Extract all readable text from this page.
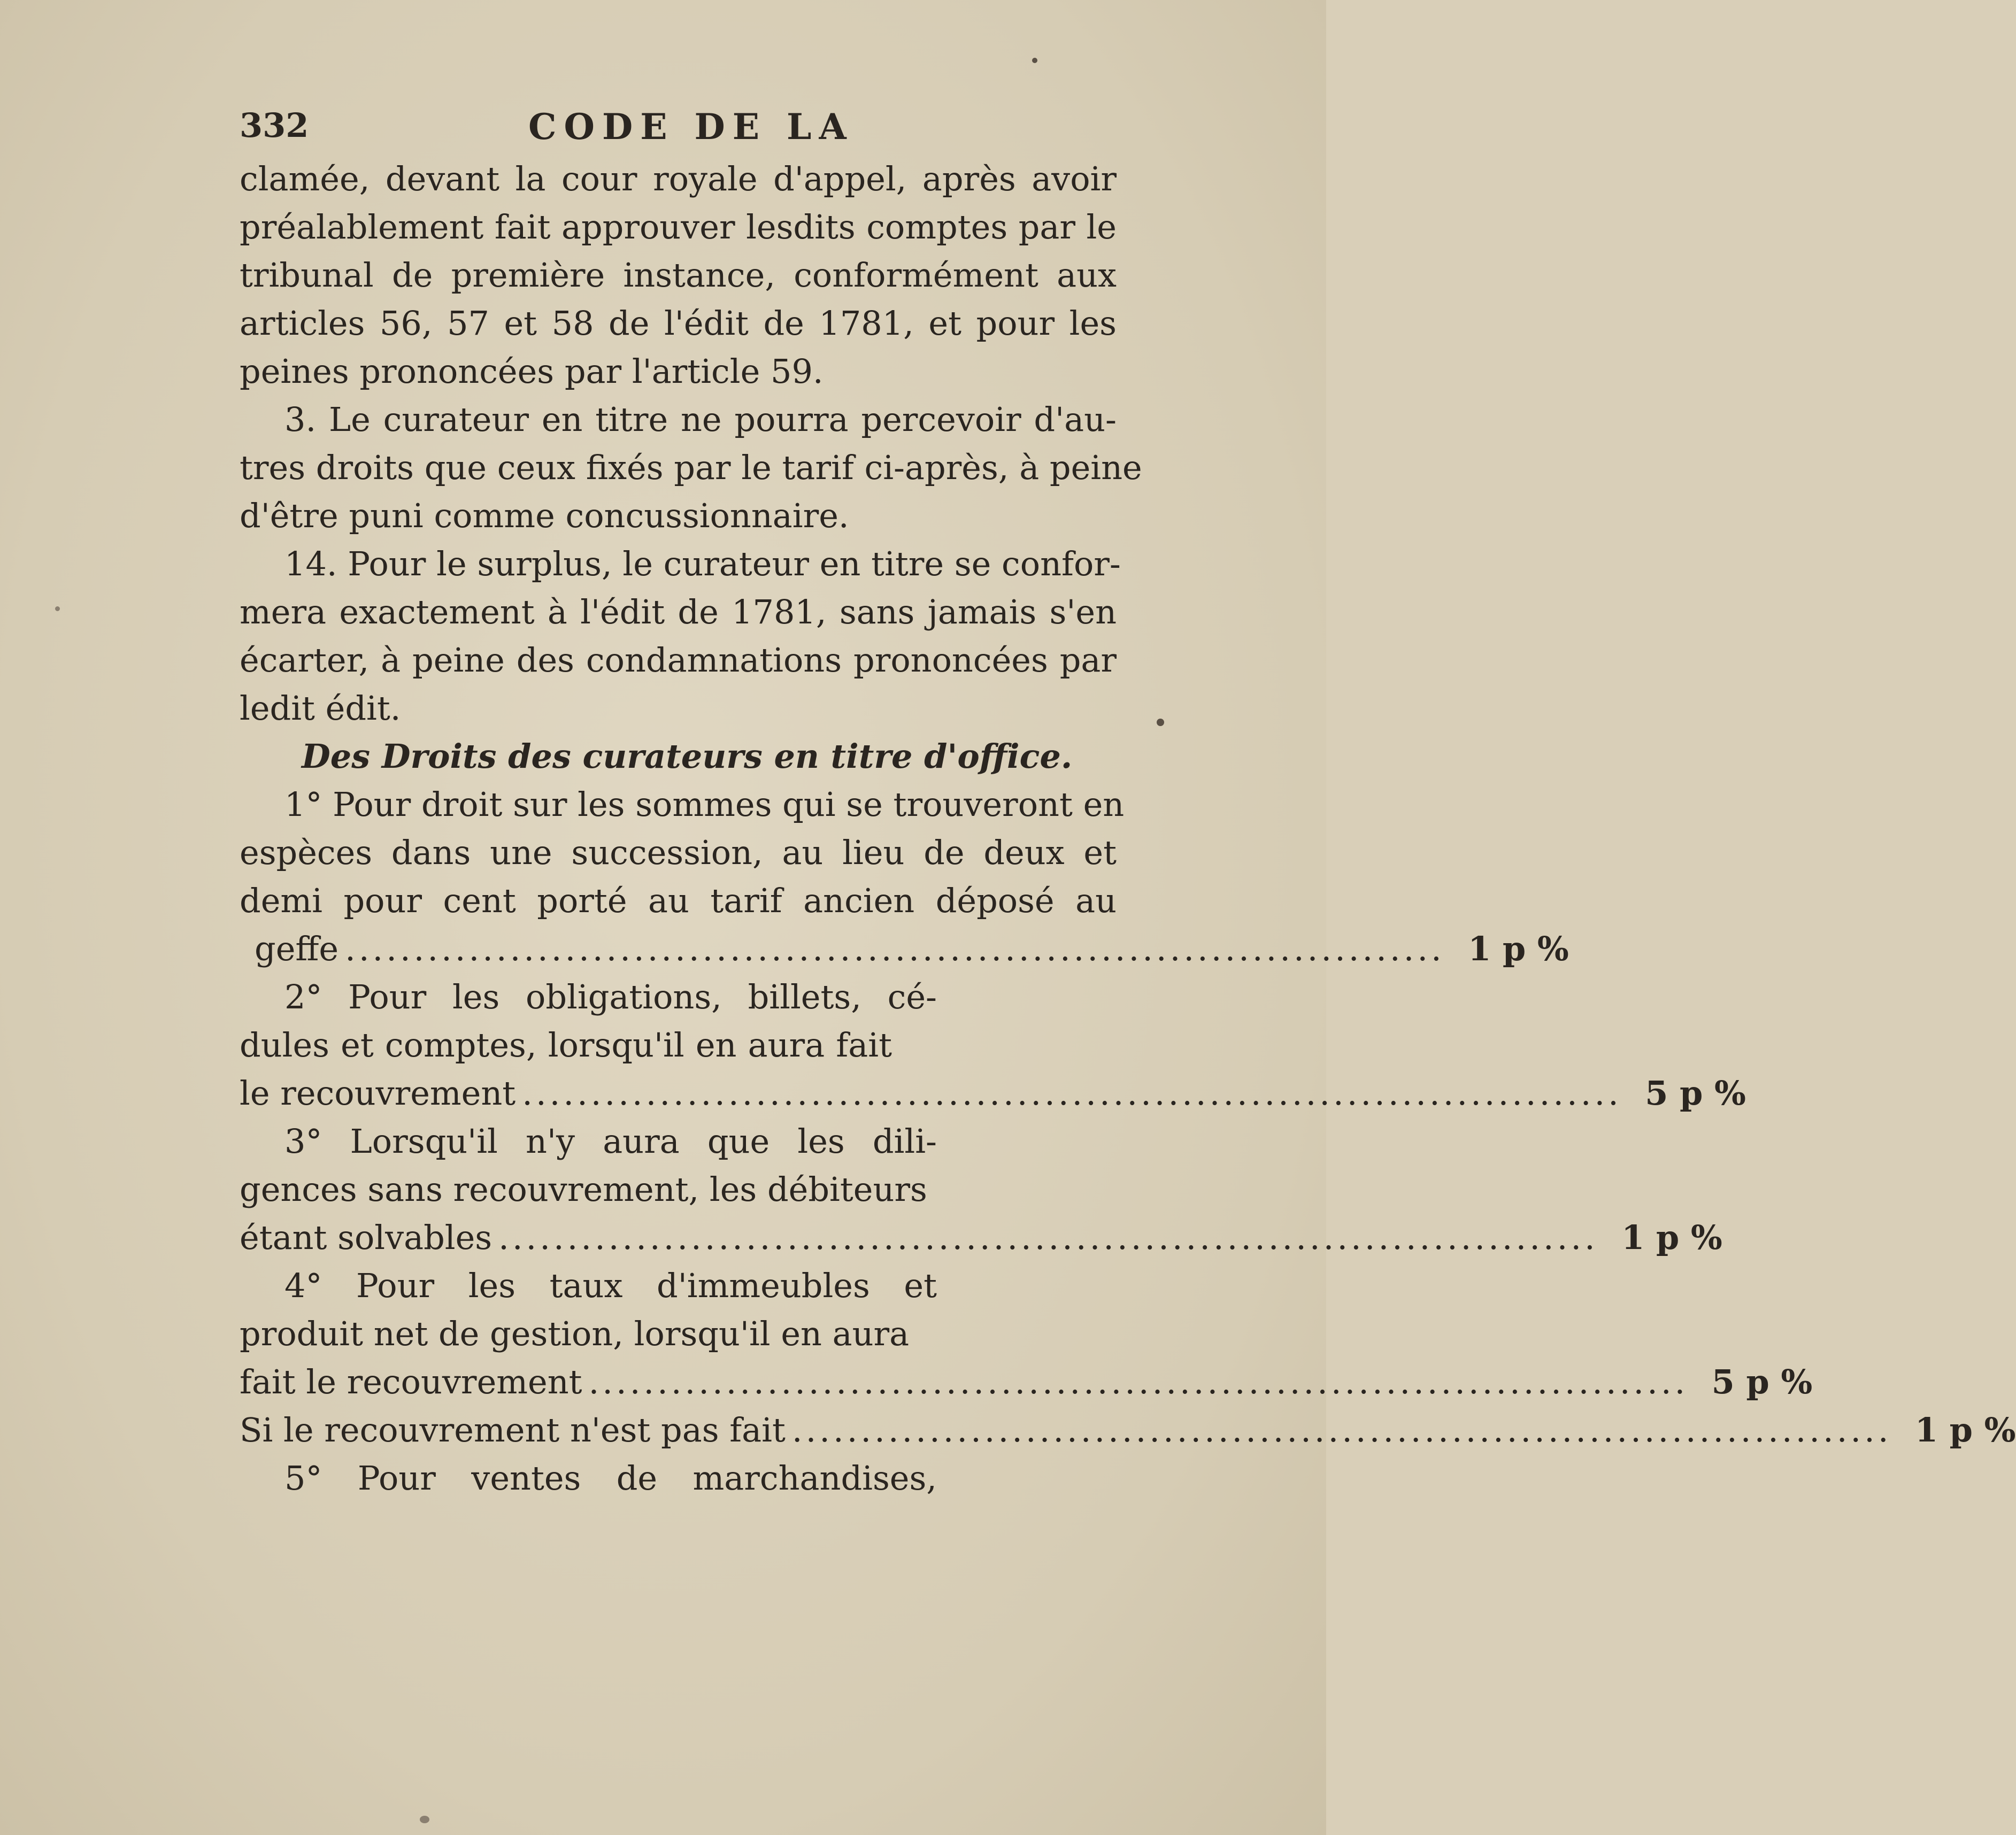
332	CODE DE LA
clamée, devant la cour royale d'appel, après avoir
préalablement fait approuver lesdits comptes par le
tribunal de première instance, conformément aux
articles 56, 57 et 58 de l'édit de 1781, et pour les
peines prononcées par l'article 59.
3. Le curateur en titre ne pourra percevoir d'au-
tres droits que ceux fixés par le tarif ci-après, à peine
d'être puni comme concussionnaire.
14. Pour le surplus, le curateur en titre se confor-
mera exactement à l'édit de 1781, sans jamais s'en
écarter, à peine des condamnations prononcées par
ledit édit.
Des Droits des curateurs en titre d'office.
1° Pour droit sur les sommes qui se trouveront en
espèces dans une succession, au lieu de deux et
demi pour cent porté au tarif ancien déposé au
geffe ................................................................................ 1 p %
2° Pour les obligations, billets, cé-
dules et comptes, lorsqu'il en aura fait
le recouvrement ................................................................................ 5 p %
3° Lorsqu'il n'y aura que les dili-
gences sans recouvrement, les débiteurs
étant solvables ................................................................................ 1 p %
4° Pour les taux d'immeubles et
produit net de gestion, lorsqu'il en aura
fait le recouvrement ................................................................................ 5 p %
Si le recouvrement n'est pas fait ................................................................................ 1 p %
5° Pour ventes de marchandises,
